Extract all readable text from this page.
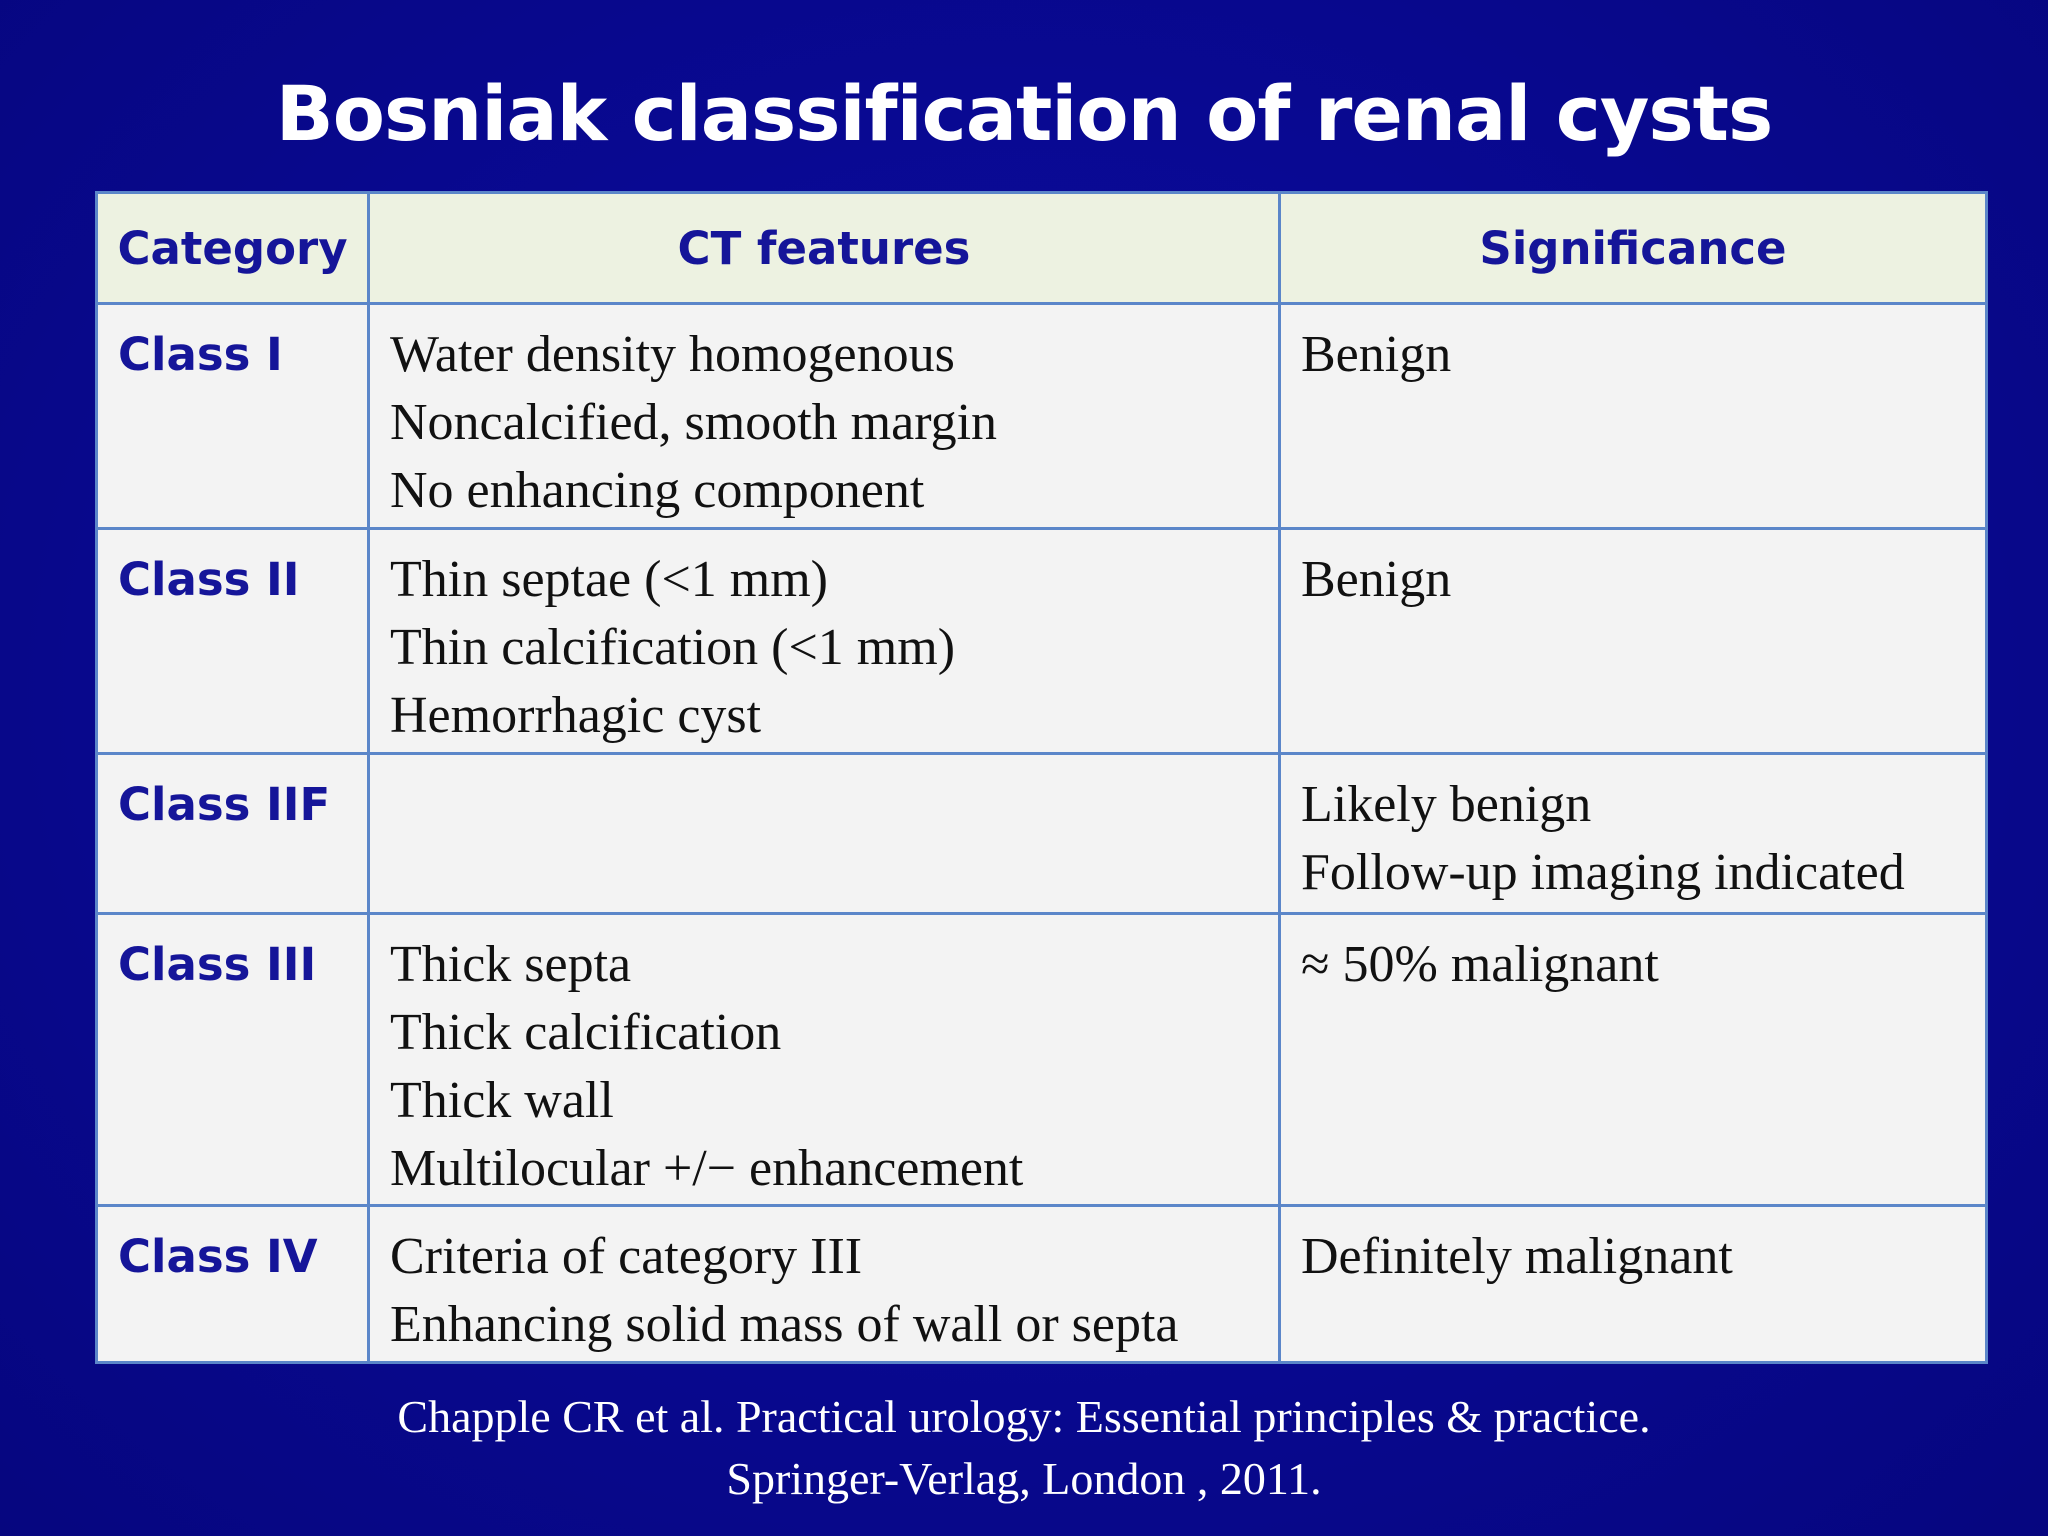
Bosniak classification of renal cysts
Category	CT features	Significance
Class I	Water density homogenous
Noncalcified, smooth margin
No enhancing component	Benign

Class II	Thin septae (<1 mm)
Thin calcification (<1 mm)
Hemorrhagic cyst	Benign

Class IIF		Likely benign
Follow-up imaging indicated

Class III	Thick septa
Thick calcification
Thick wall
Multilocular +/− enhancement	≈ 50% malignant

Class IV	Criteria of category III
Enhancing solid mass of wall or septa	Definitely malignant
Chapple CR et al. Practical urology: Essential principles & practice.
Springer-Verlag, London , 2011.
